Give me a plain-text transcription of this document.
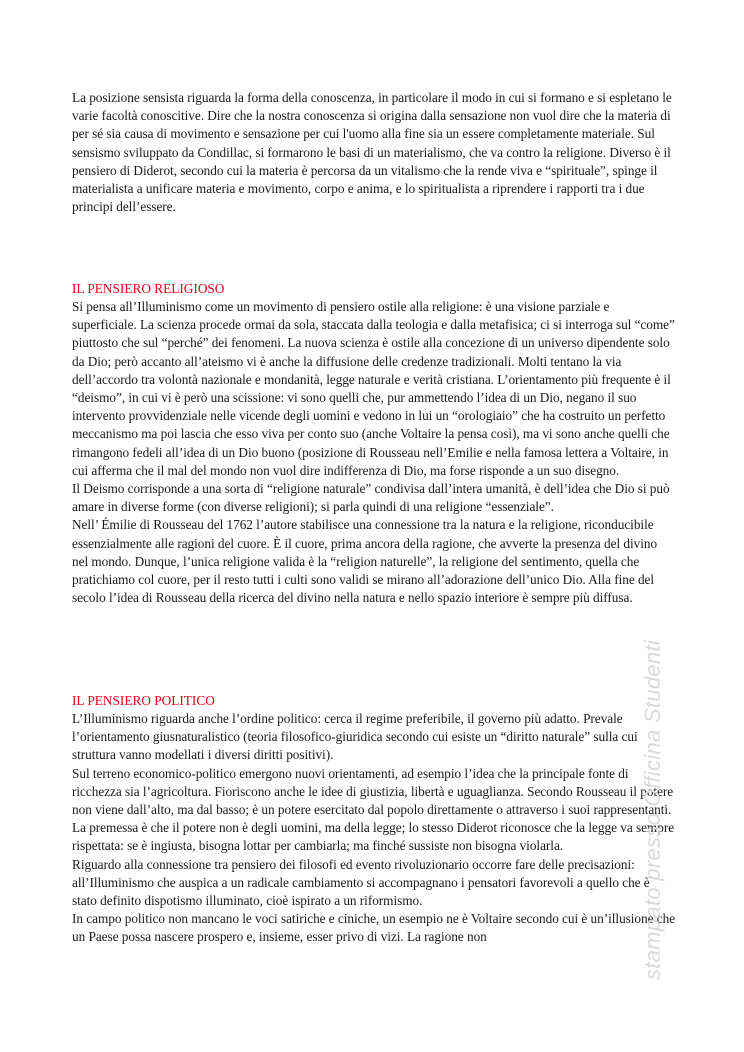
La posizione sensista riguarda la forma della conoscenza, in particolare il modo in cui si formano e si espletano le varie facoltà conoscitive. Dire che la nostra conoscenza si origina dalla sensazione non vuol dire che la materia di per sé sia causa di movimento e sensazione per cui l'uomo alla fine sia un essere completamente materiale. Sul sensismo sviluppato da Condillac, si formarono le basi di un materialismo, che va contro la religione. Diverso è il pensiero di Diderot, secondo cui la materia è percorsa da un vitalismo che la rende viva e “spirituale”, spinge il materialista a unificare materia e movimento, corpo e anima, e lo spiritualista a riprendere i rapporti tra i due principi dell’essere.

IL PENSIERO RELIGIOSO

Si pensa all’Illuminismo come un movimento di pensiero ostile alla religione: è una visione parziale e superficiale. La scienza procede ormai da sola, staccata dalla teologia e dalla metafisica; ci si interroga sul “come” piuttosto che sul “perché” dei fenomeni. La nuova scienza è ostile alla concezione di un universo dipendente solo da Dio; però accanto all’ateismo vi è anche la diffusione delle credenze tradizionali. Molti tentano la via dell’accordo tra volontà nazionale e mondanità, legge naturale e verità cristiana. L’orientamento più frequente è il “deismo”, in cui vi è però una scissione: vi sono quelli che, pur ammettendo l’idea di un Dio, negano il suo intervento provvidenziale nelle vicende degli uomini e vedono in lui un “orologiaio” che ha costruito un perfetto meccanismo ma poi lascia che esso viva per conto suo (anche Voltaire la pensa così), ma vi sono anche quelli che rimangono fedeli all’idea di un Dio buono (posizione di Rousseau nell’Emilie e nella famosa lettera a Voltaire, in cui afferma che il mal del mondo non vuol dire indifferenza di Dio, ma forse risponde a un suo disegno.

Il Deismo corrisponde a una sorta di “religione naturale” condivisa dall’intera umanità, è dell’idea che Dio si può amare in diverse forme (con diverse religioni); si parla quindi di una religione “essenziale”.

Nell’ Émilie di Rousseau del 1762 l’autore stabilisce una connessione tra la natura e la religione, riconducibile essenzialmente alle ragioni del cuore. È il cuore, prima ancora della ragione, che avverte la presenza del divino nel mondo. Dunque, l’unica religione valida è la “religion naturelle”, la religione del sentimento, quella che pratichiamo col cuore, per il resto tutti i culti sono validi se mirano all’adorazione dell’unico Dio. Alla fine del secolo l’idea di Rousseau della ricerca del divino nella natura e nello spazio interiore è sempre più diffusa.

IL PENSIERO POLITICO

L’Illuminismo riguarda anche l’ordine politico: cerca il regime preferibile, il governo più adatto. Prevale l’orientamento giusnaturalistico (teoria filosofico-giuridica secondo cui esiste un “diritto naturale” sulla cui struttura vanno modellati i diversi diritti positivi).

Sul terreno economico-politico emergono nuovi orientamenti, ad esempio l’idea che la principale fonte di ricchezza sia l’agricoltura. Fioriscono anche le idee di giustizia, libertà e uguaglianza. Secondo Rousseau il potere non viene dall’alto, ma dal basso; è un potere esercitato dal popolo direttamente o attraverso i suoi rappresentanti. La premessa è che il potere non è degli uomini, ma della legge; lo stesso Diderot riconosce che la legge va sempre rispettata: se è ingiusta, bisogna lottar per cambiarla; ma finché sussiste non bisogna violarla.

Riguardo alla connessione tra pensiero dei filosofi ed evento rivoluzionario occorre fare delle precisazioni: all’Illuminismo che auspica a un radicale cambiamento si accompagnano i pensatori favorevoli a quello che è stato definito dispotismo illuminato, cioè ispirato a un riformismo.

In campo politico non mancano le voci satiriche e ciniche, un esempio ne è Voltaire secondo cui è un’illusione che un Paese possa nascere prospero e, insieme, esser privo di vizi. La ragione non	stampato presso Officina Studenti
